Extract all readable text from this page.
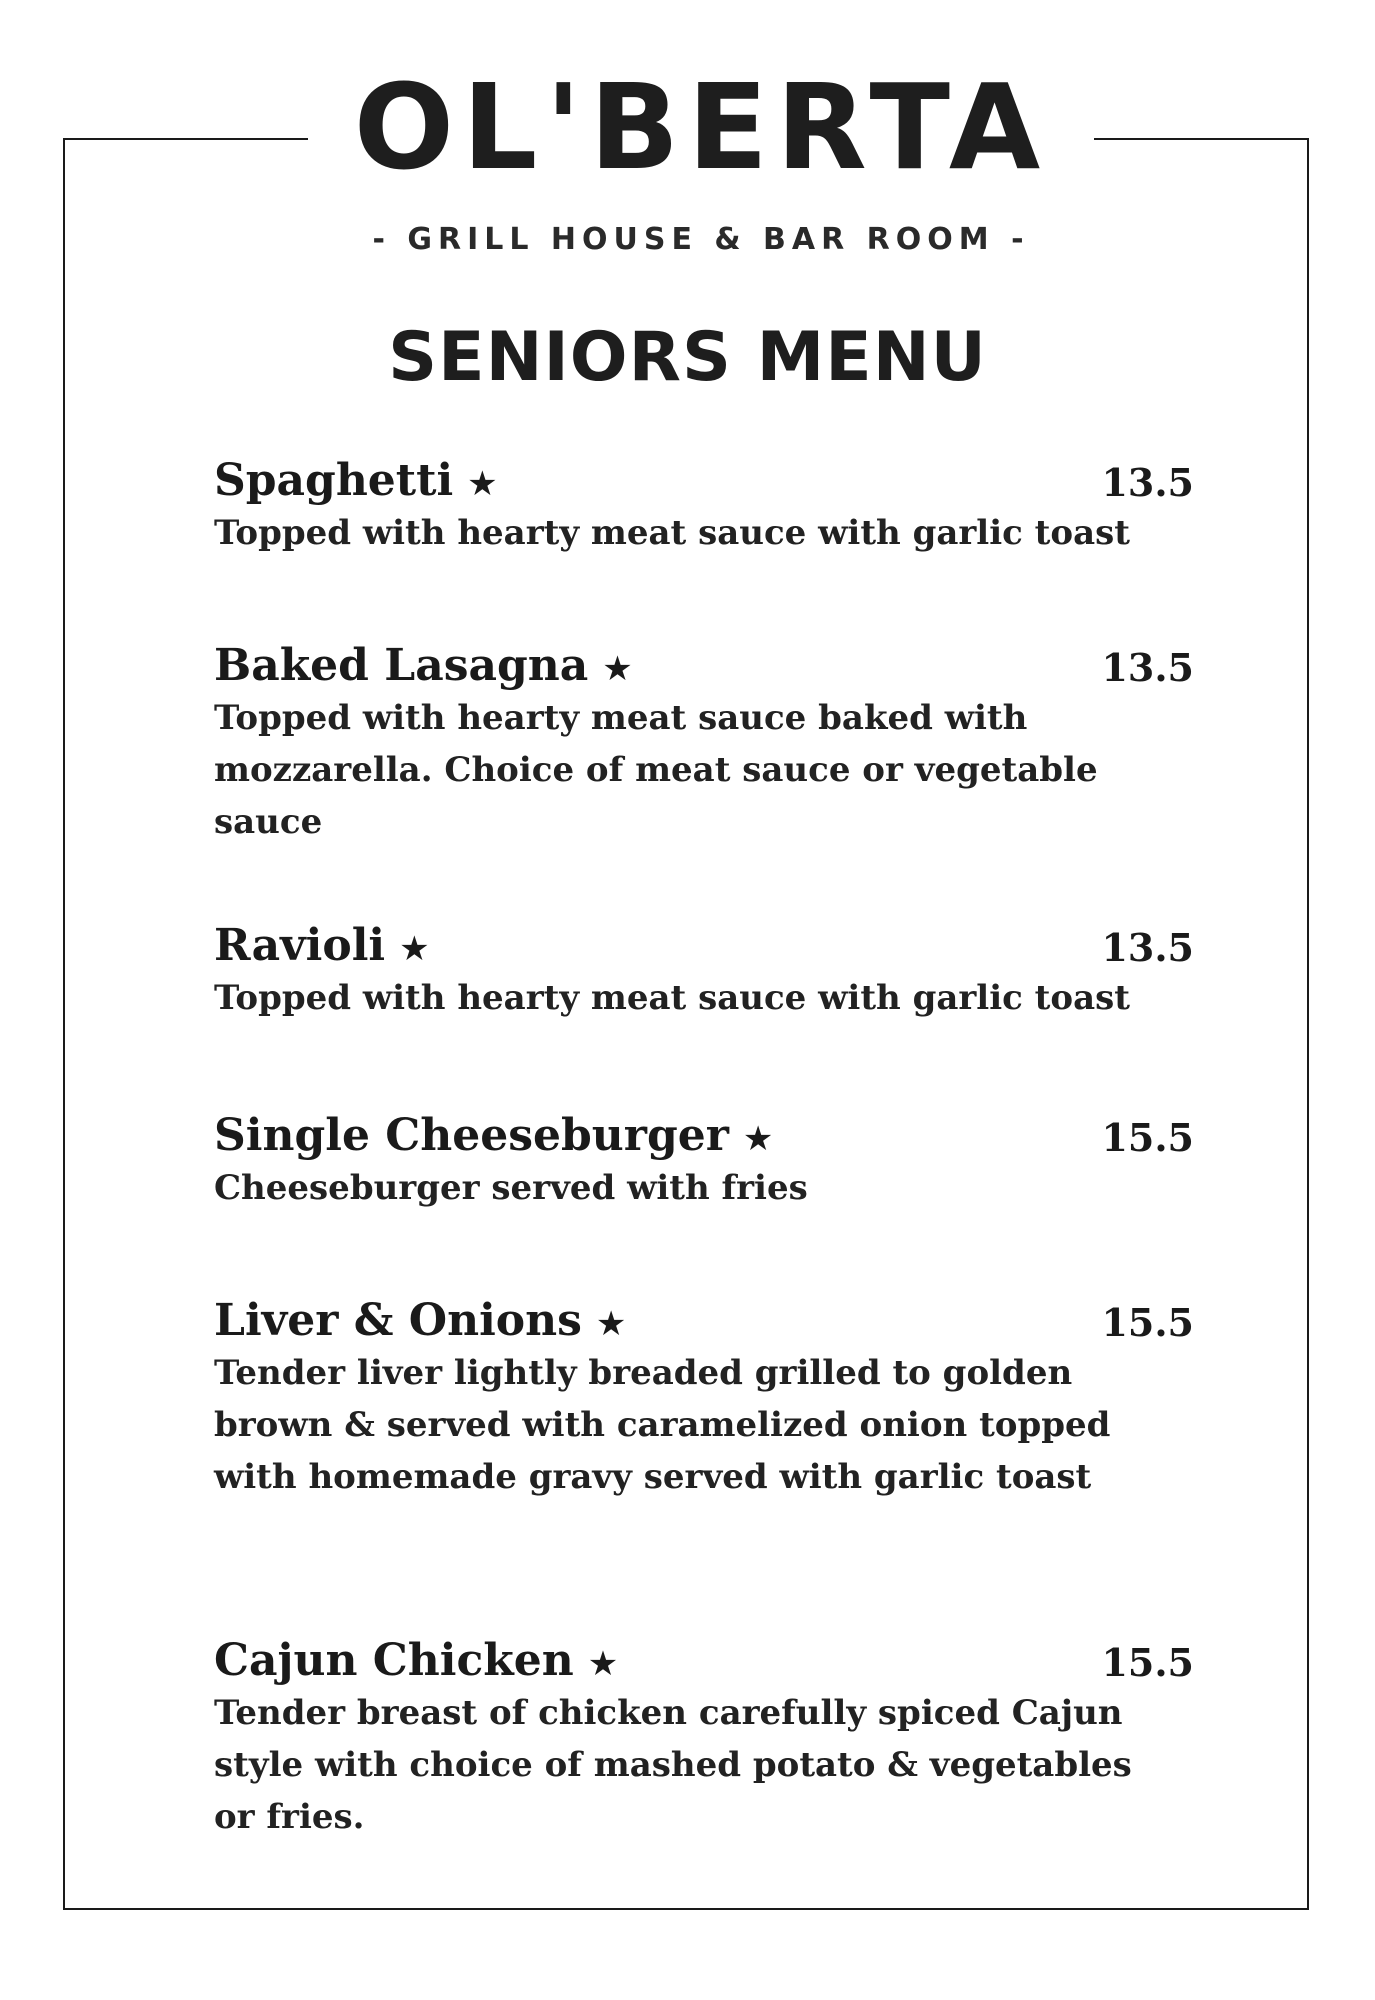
OL'BERTA
- GRILL HOUSE & BAR ROOM -
SENIORS MENU
Spaghetti ★	13.5
Topped with hearty meat sauce with garlic toast
Baked Lasagna ★	13.5
Topped with hearty meat sauce baked with mozzarella. Choice of meat sauce or vegetable sauce
Ravioli ★	13.5
Topped with hearty meat sauce with garlic toast
Single Cheeseburger ★	15.5
Cheeseburger served with fries
Liver & Onions ★	15.5
Tender liver lightly breaded grilled to golden brown & served with caramelized onion topped with homemade gravy served with garlic toast
Cajun Chicken ★	15.5
Tender breast of chicken carefully spiced Cajun style with choice of mashed potato & vegetables or fries.
